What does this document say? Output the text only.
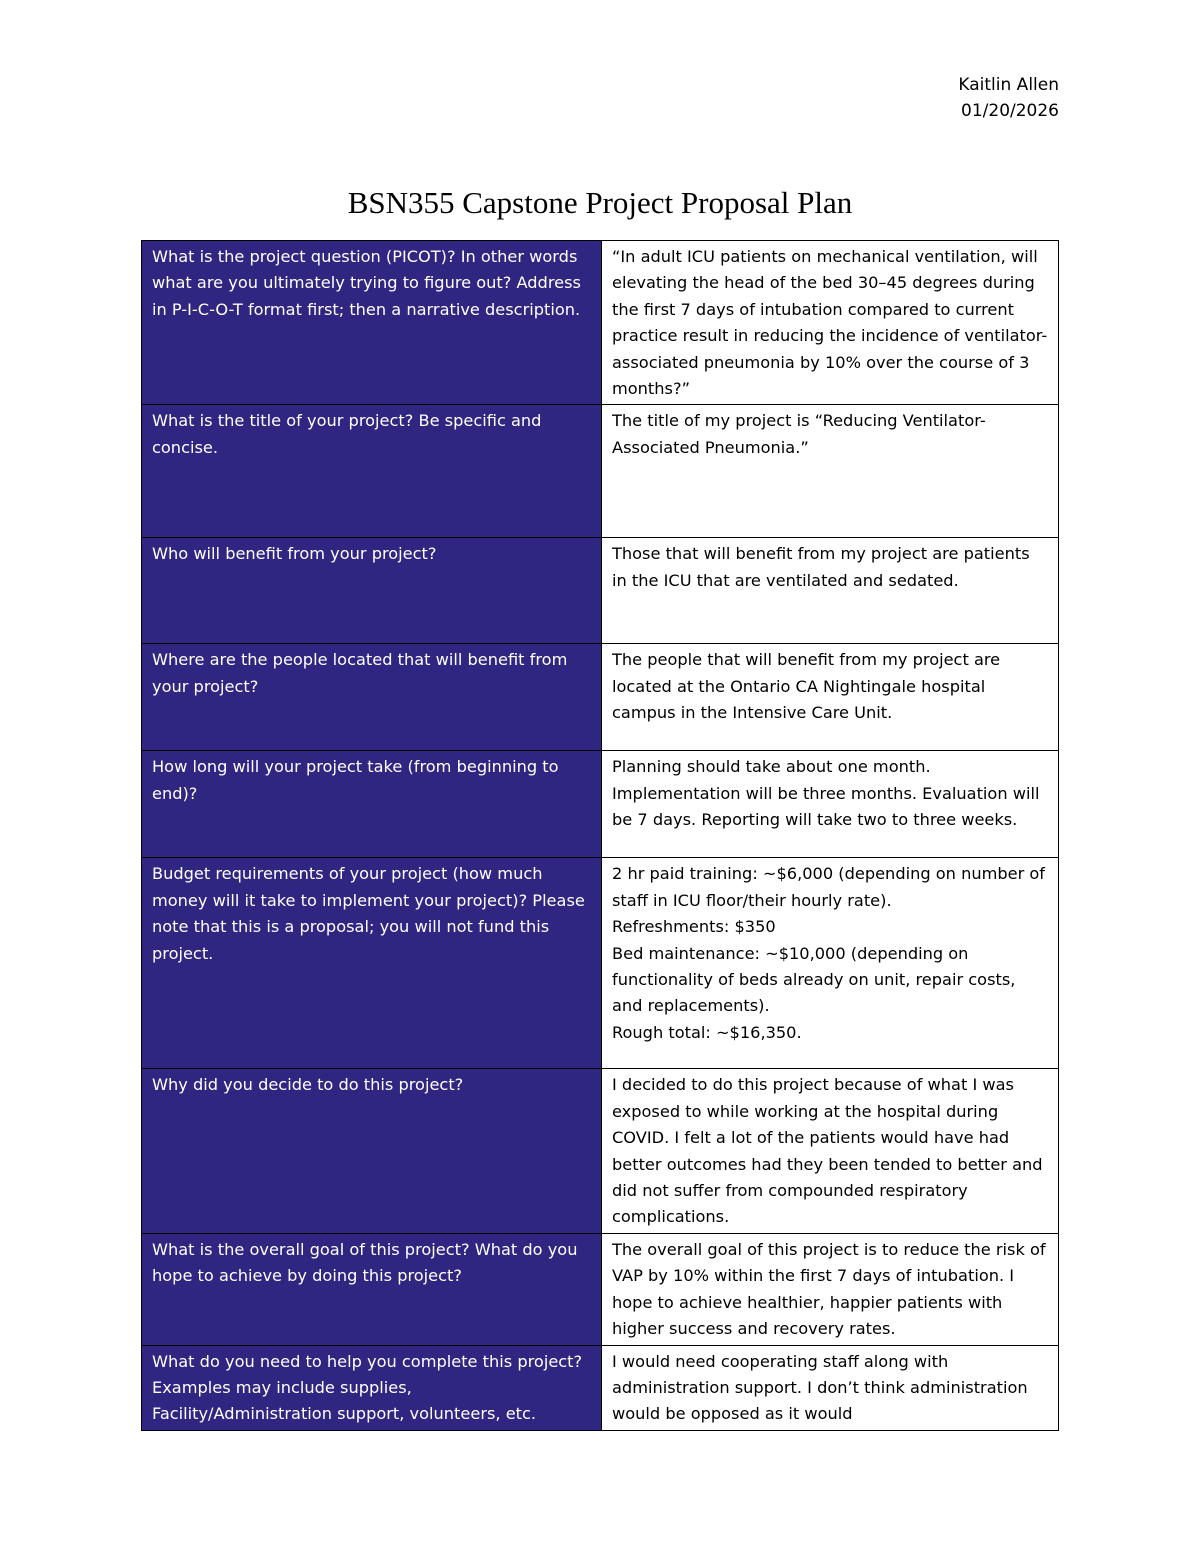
Kaitlin Allen
01/20/2026
BSN355 Capstone Project Proposal Plan
What is the project question (PICOT)? In other words what are you ultimately trying to figure out? Address in P-I-C-O-T format first; then a narrative description.	“In adult ICU patients on mechanical ventilation, will elevating the head of the bed 30–45 degrees during the first 7 days of intubation compared to current practice result in reducing the incidence of ventilator-associated pneumonia by 10% over the course of 3 months?”
What is the title of your project? Be specific and concise.	The title of my project is “Reducing Ventilator-Associated Pneumonia.”
Who will benefit from your project?	Those that will benefit from my project are patients in the ICU that are ventilated and sedated.
Where are the people located that will benefit from your project?	The people that will benefit from my project are located at the Ontario CA Nightingale hospital campus in the Intensive Care Unit.
How long will your project take (from beginning to end)?	Planning should take about one month. Implementation will be three months. Evaluation will be 7 days. Reporting will take two to three weeks.
Budget requirements of your project (how much money will it take to implement your project)? Please note that this is a proposal; you will not fund this project.	2 hr paid training: ~$6,000 (depending on number of staff in ICU floor/their hourly rate).
Refreshments: $350
Bed maintenance: ~$10,000 (depending on functionality of beds already on unit, repair costs, and replacements).
Rough total: ~$16,350.
Why did you decide to do this project?	I decided to do this project because of what I was exposed to while working at the hospital during COVID. I felt a lot of the patients would have had better outcomes had they been tended to better and did not suffer from compounded respiratory complications.
What is the overall goal of this project? What do you hope to achieve by doing this project?	The overall goal of this project is to reduce the risk of VAP by 10% within the first 7 days of intubation. I hope to achieve healthier, happier patients with higher success and recovery rates.
What do you need to help you complete this project? Examples may include supplies, Facility/Administration support, volunteers, etc.	I would need cooperating staff along with administration support. I don’t think administration would be opposed as it would
